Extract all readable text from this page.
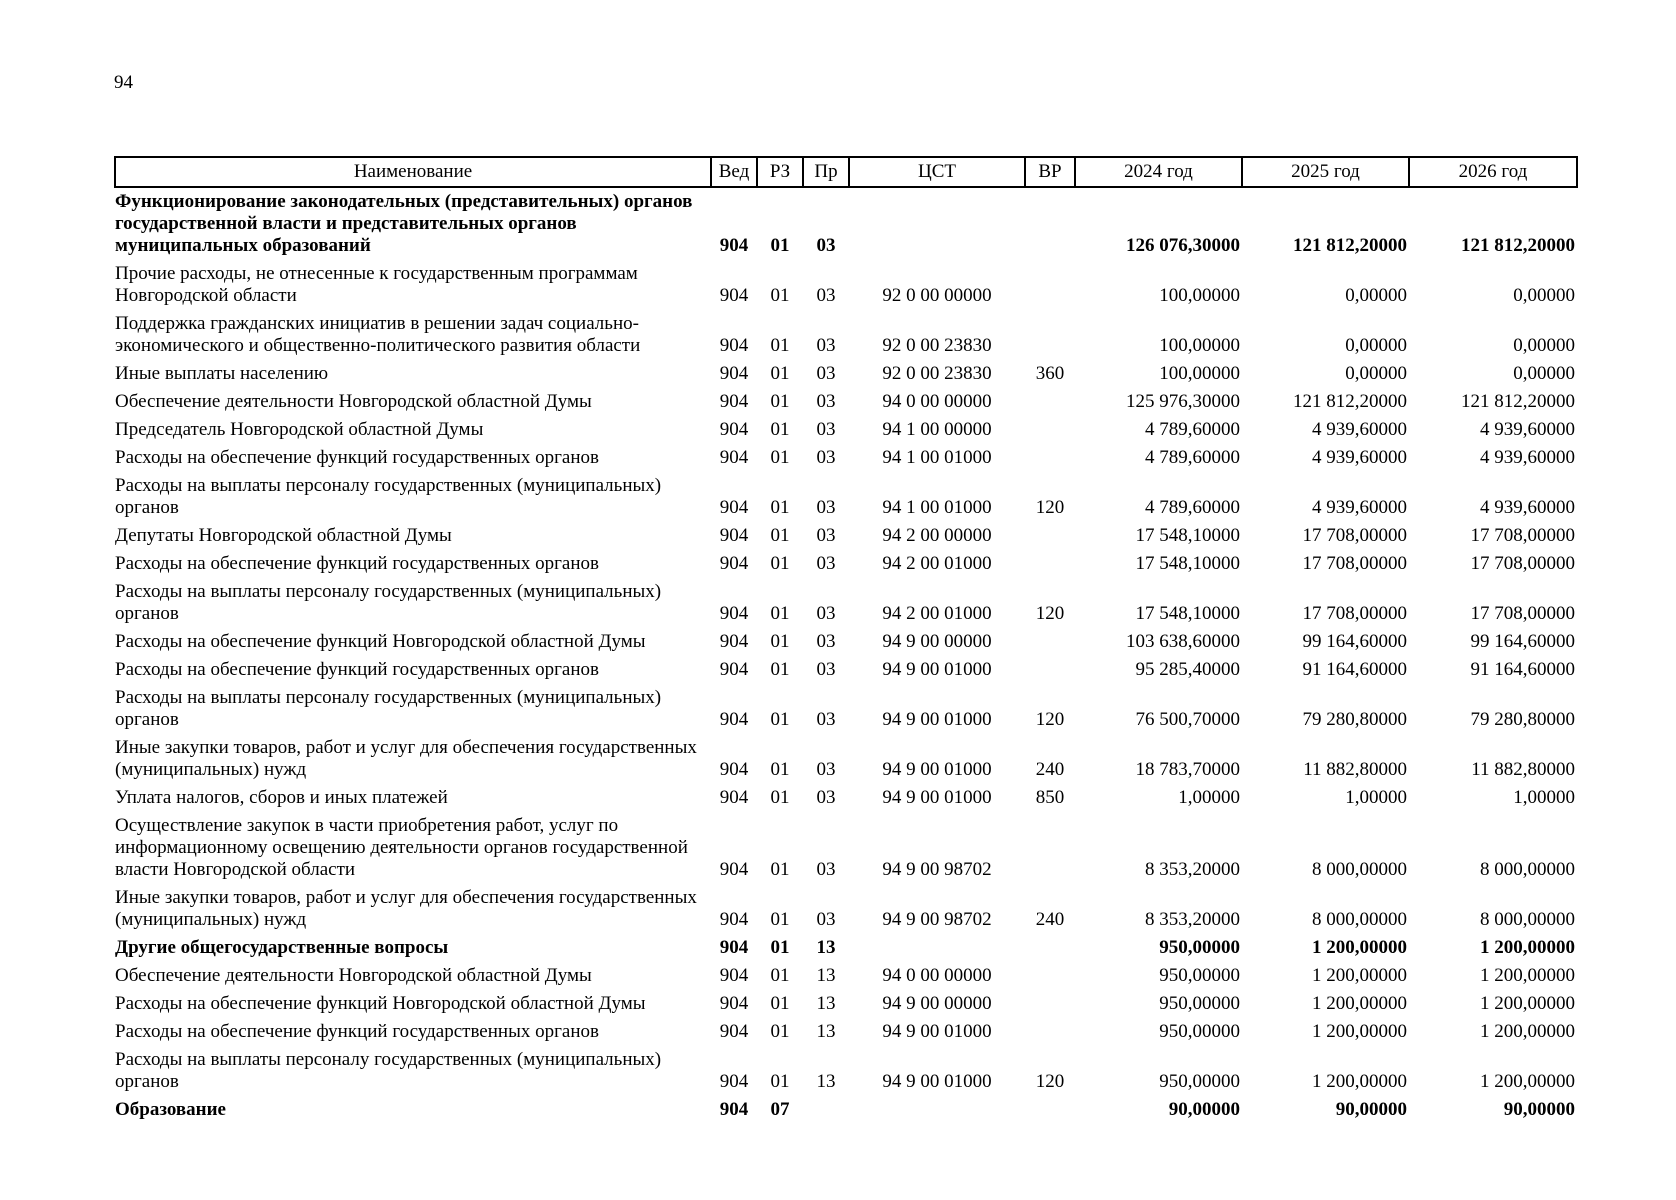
94
Наименование	Вед	РЗ	Пр	ЦСТ	ВР	2024 год	2025 год	2026 год
Функционирование законодательных (представительных) органов государственной власти и представительных органов муниципальных образований	904	01	03			126 076,30000	121 812,20000	121 812,20000
Прочие расходы, не отнесенные к государственным программам Новгородской области	904	01	03	92 0 00 00000		100,00000	0,00000	0,00000
Поддержка гражданских инициатив в решении задач социально-экономического и общественно-политического развития области	904	01	03	92 0 00 23830		100,00000	0,00000	0,00000
Иные выплаты населению	904	01	03	92 0 00 23830	360	100,00000	0,00000	0,00000
Обеспечение деятельности Новгородской областной Думы	904	01	03	94 0 00 00000		125 976,30000	121 812,20000	121 812,20000
Председатель Новгородской областной Думы	904	01	03	94 1 00 00000		4 789,60000	4 939,60000	4 939,60000
Расходы на обеспечение функций государственных органов	904	01	03	94 1 00 01000		4 789,60000	4 939,60000	4 939,60000
Расходы на выплаты персоналу государственных (муниципальных) органов	904	01	03	94 1 00 01000	120	4 789,60000	4 939,60000	4 939,60000
Депутаты Новгородской областной Думы	904	01	03	94 2 00 00000		17 548,10000	17 708,00000	17 708,00000
Расходы на обеспечение функций государственных органов	904	01	03	94 2 00 01000		17 548,10000	17 708,00000	17 708,00000
Расходы на выплаты персоналу государственных (муниципальных) органов	904	01	03	94 2 00 01000	120	17 548,10000	17 708,00000	17 708,00000
Расходы на обеспечение функций Новгородской областной Думы	904	01	03	94 9 00 00000		103 638,60000	99 164,60000	99 164,60000
Расходы на обеспечение функций государственных органов	904	01	03	94 9 00 01000		95 285,40000	91 164,60000	91 164,60000
Расходы на выплаты персоналу государственных (муниципальных) органов	904	01	03	94 9 00 01000	120	76 500,70000	79 280,80000	79 280,80000
Иные закупки товаров, работ и услуг для обеспечения государственных (муниципальных) нужд	904	01	03	94 9 00 01000	240	18 783,70000	11 882,80000	11 882,80000
Уплата налогов, сборов и иных платежей	904	01	03	94 9 00 01000	850	1,00000	1,00000	1,00000
Осуществление закупок в части приобретения работ, услуг по информационному освещению деятельности органов государственной власти Новгородской области	904	01	03	94 9 00 98702		8 353,20000	8 000,00000	8 000,00000
Иные закупки товаров, работ и услуг для обеспечения государственных (муниципальных) нужд	904	01	03	94 9 00 98702	240	8 353,20000	8 000,00000	8 000,00000
Другие общегосударственные вопросы	904	01	13			950,00000	1 200,00000	1 200,00000
Обеспечение деятельности Новгородской областной Думы	904	01	13	94 0 00 00000		950,00000	1 200,00000	1 200,00000
Расходы на обеспечение функций Новгородской областной Думы	904	01	13	94 9 00 00000		950,00000	1 200,00000	1 200,00000
Расходы на обеспечение функций государственных органов	904	01	13	94 9 00 01000		950,00000	1 200,00000	1 200,00000
Расходы на выплаты персоналу государственных (муниципальных) органов	904	01	13	94 9 00 01000	120	950,00000	1 200,00000	1 200,00000
Образование	904	07				90,00000	90,00000	90,00000
